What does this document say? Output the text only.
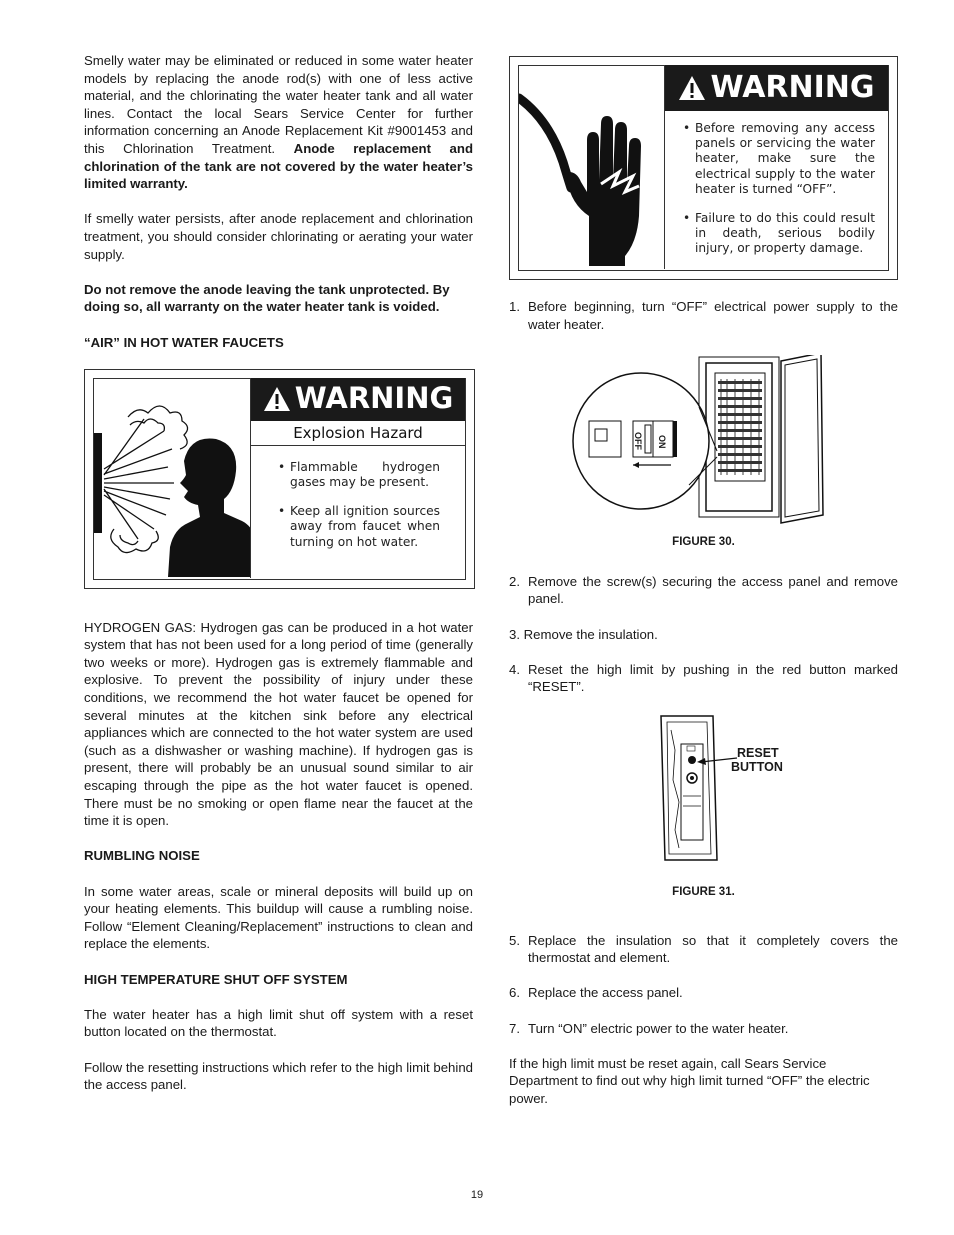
Smelly water may be eliminated or reduced in some water heater models by replacing the anode rod(s) with one of less active material, and the chlorinating the water heater tank and all water lines. Contact the local Sears Service Center for further information concerning an Anode Replacement Kit #9001453 and this Chlorination Treatment. Anode replacement and chlorination of the tank are not covered by the water heater’s limited warranty.

If smelly water persists, after anode replacement and chlorination treatment, you should consider chlorinating or aerating your water supply.

Do not remove the anode leaving the tank unprotected. By doing so, all warranty on the water heater tank is voided.

“AIR” IN HOT WATER FAUCETS
WARNING
Explosion Hazard
• Flammable hydrogen gases may be present.
• Keep all ignition sources away from faucet when turning on hot water.

HYDROGEN GAS: Hydrogen gas can be produced in a hot water system that has not been used for a long period of time (generally two weeks or more). Hydrogen gas is extremely flammable and explosive. To prevent the possibility of injury under these conditions, we recommend the hot water faucet be opened for several minutes at the kitchen sink before any electrical appliances which are connected to the hot water system are used (such as a dishwasher or washing machine). If hydrogen gas is present, there will probably be an unusual sound similar to air escaping through the pipe as the hot water faucet is opened. There must be no smoking or open flame near the faucet at the time it is open.

RUMBLING NOISE

In some water areas, scale or mineral deposits will build up on your heating elements. This buildup will cause a rumbling noise. Follow “Element Cleaning/Replacement” instructions to clean and replace the elements.

HIGH TEMPERATURE SHUT OFF SYSTEM

The water heater has a high limit shut off system with a reset button located on the thermostat.

Follow the resetting instructions which refer to the high limit behind the access panel.

WARNING
• Before removing any access panels or servicing the water heater, make sure the electrical supply to the water heater is turned “OFF”.
• Failure to do this could result in death, serious bodily injury, or property damage.
1. Before beginning, turn “OFF” electrical power supply to the water heater.
OFF ON
FIGURE 30.
2. Remove the screw(s) securing the access panel and remove panel.

3. Remove the insulation.

4. Reset the high limit by pushing in the red button marked “RESET”.
RESET
BUTTON
FIGURE 31.
5. Replace the insulation so that it completely covers the thermostat and element.
6. Replace the access panel.
7. Turn “ON” electric power to the water heater.

If the high limit must be reset again, call Sears Service Department to find out why high limit turned “OFF” the electric power.

19
